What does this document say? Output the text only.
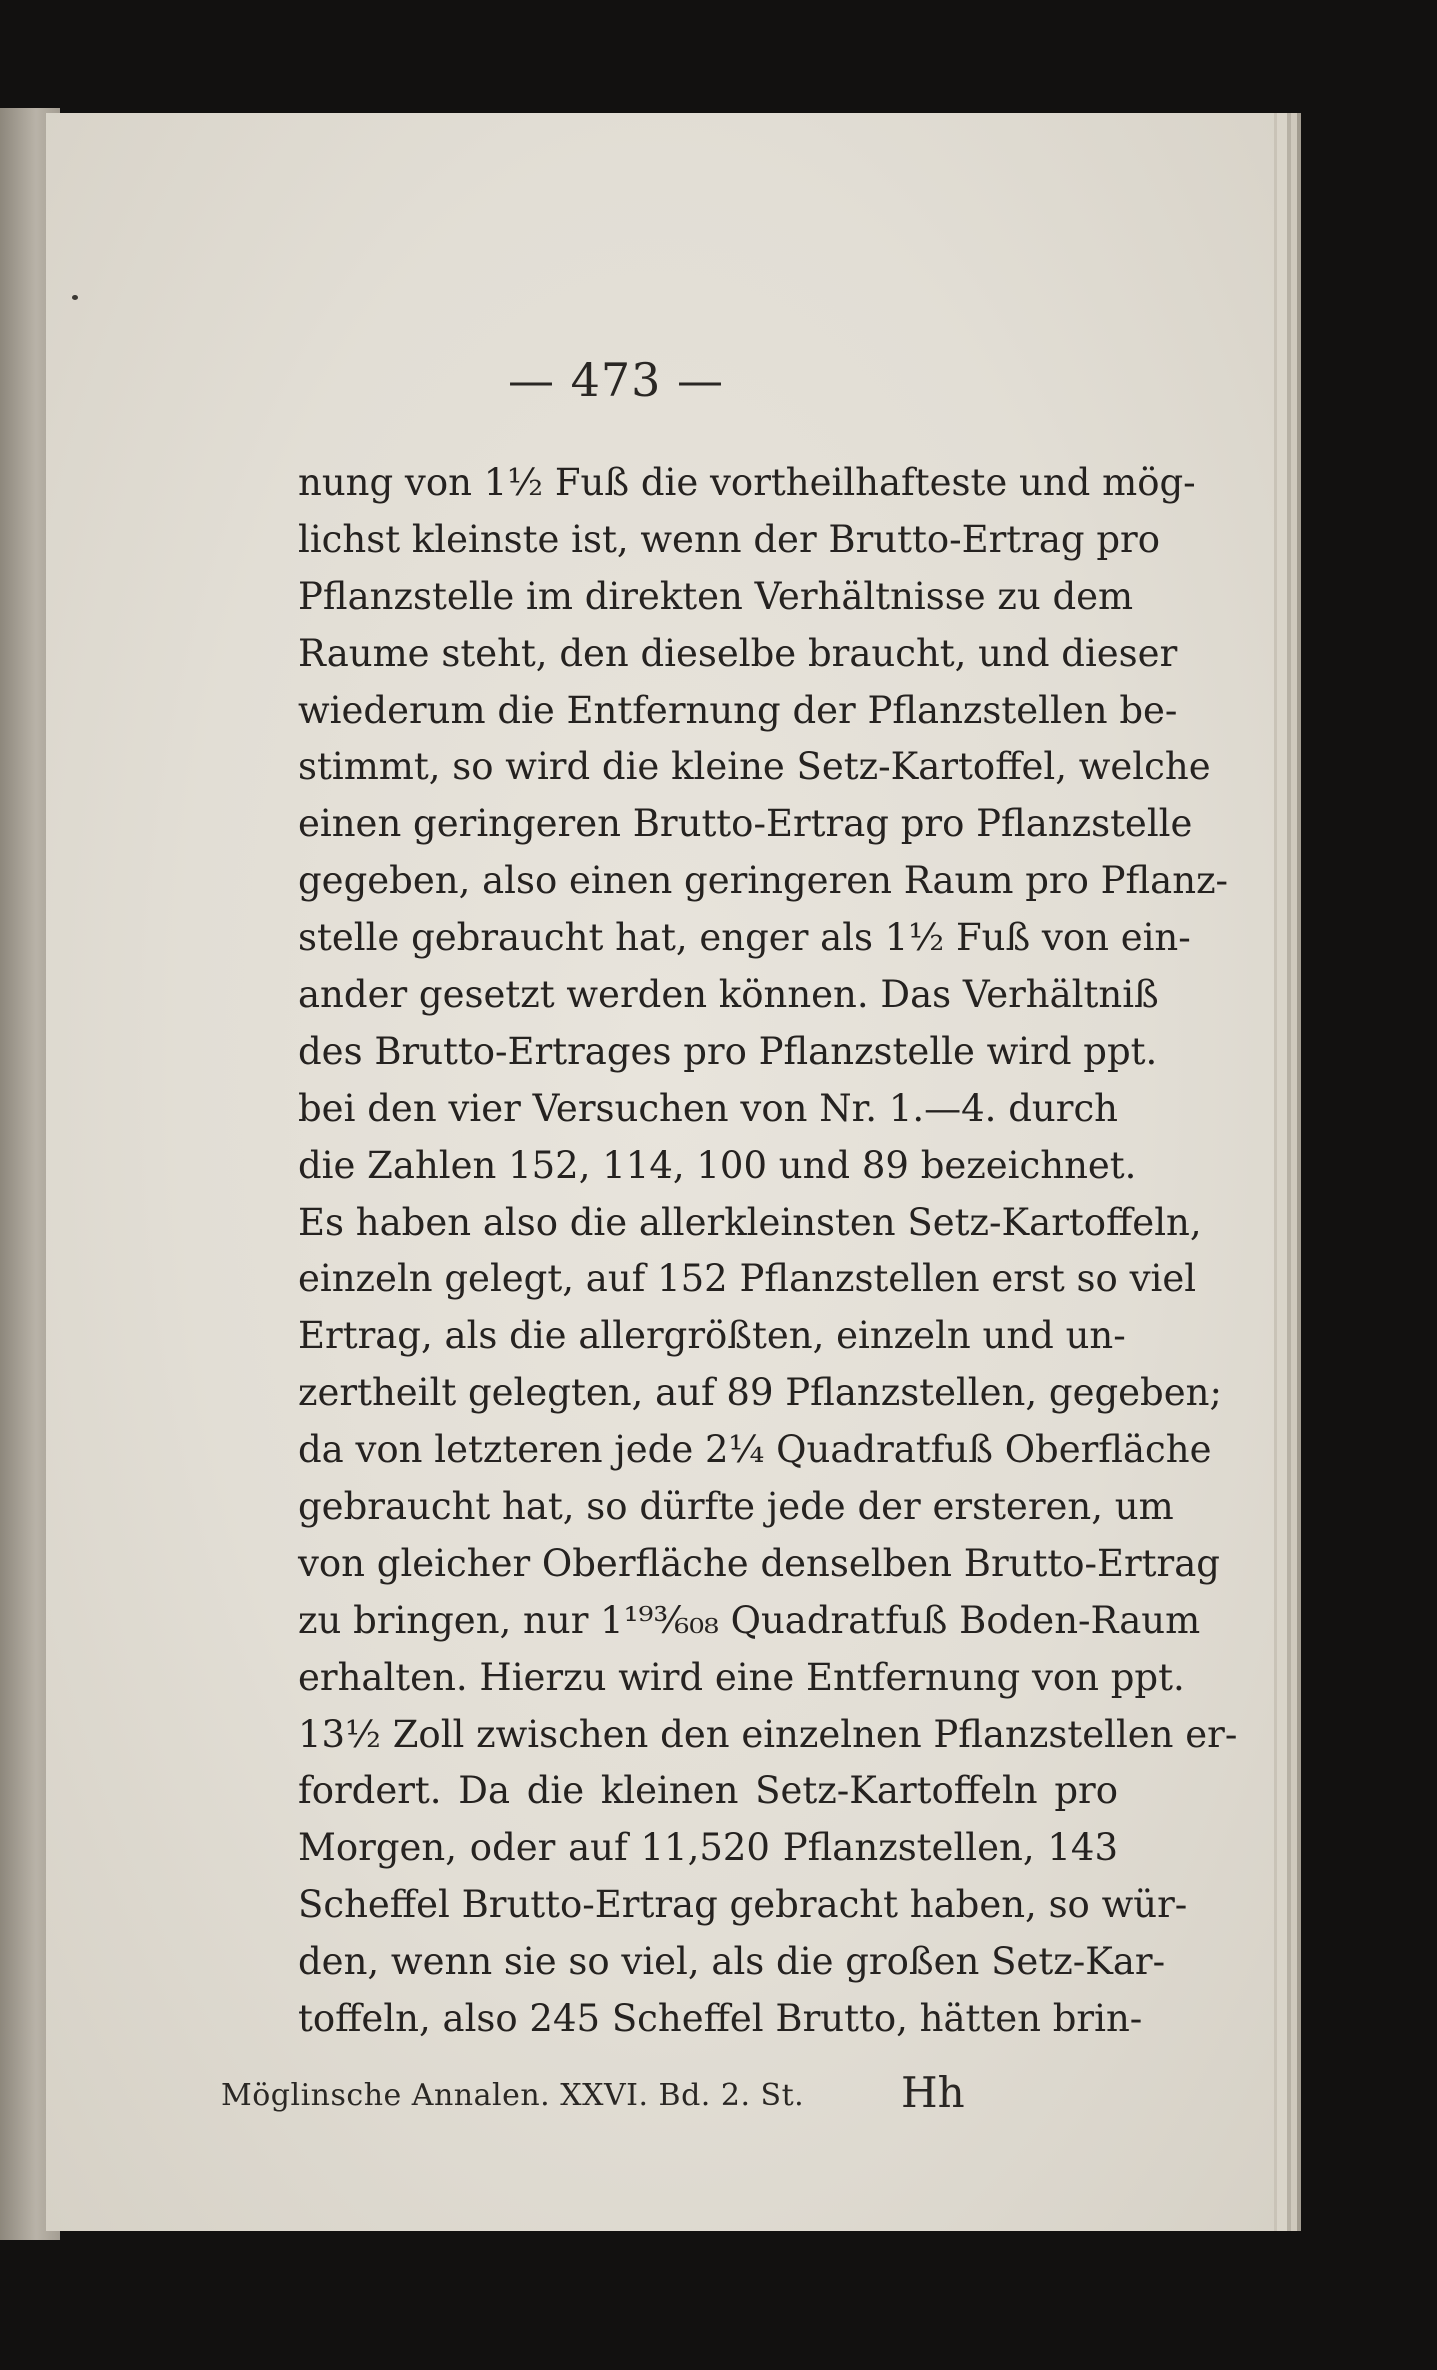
— 473 —
nung von 1½ Fuß die vortheilhafteste und mög-
lichst kleinste ist, wenn der Brutto-Ertrag pro
Pflanzstelle im direkten Verhältnisse zu dem
Raume steht, den dieselbe braucht, und dieser
wiederum die Entfernung der Pflanzstellen be-
stimmt, so wird die kleine Setz-Kartoffel, welche
einen geringeren Brutto-Ertrag pro Pflanzstelle
gegeben, also einen geringeren Raum pro Pflanz-
stelle gebraucht hat, enger als 1½ Fuß von ein-
ander gesetzt werden können. Das Verhältniß
des Brutto-Ertrages pro Pflanzstelle wird ppt.
bei den vier Versuchen von Nr. 1.—4. durch
die Zahlen 152, 114, 100 und 89 bezeichnet.
Es haben also die allerkleinsten Setz-Kartoffeln,
einzeln gelegt, auf 152 Pflanzstellen erst so viel
Ertrag, als die allergrößten, einzeln und un-
zertheilt gelegten, auf 89 Pflanzstellen, gegeben;
da von letzteren jede 2¼ Quadratfuß Oberfläche
gebraucht hat, so dürfte jede der ersteren, um
von gleicher Oberfläche denselben Brutto-Ertrag
zu bringen, nur 1¹⁹³⁄₆₀₈ Quadratfuß Boden-Raum
erhalten. Hierzu wird eine Entfernung von ppt.
13½ Zoll zwischen den einzelnen Pflanzstellen er-
fordert. Da die kleinen Setz-Kartoffeln pro
Morgen, oder auf 11,520 Pflanzstellen, 143
Scheffel Brutto-Ertrag gebracht haben, so wür-
den, wenn sie so viel, als die großen Setz-Kar-
toffeln, also 245 Scheffel Brutto, hätten brin-
Möglinsche Annalen. XXVI. Bd. 2. St. Hh
